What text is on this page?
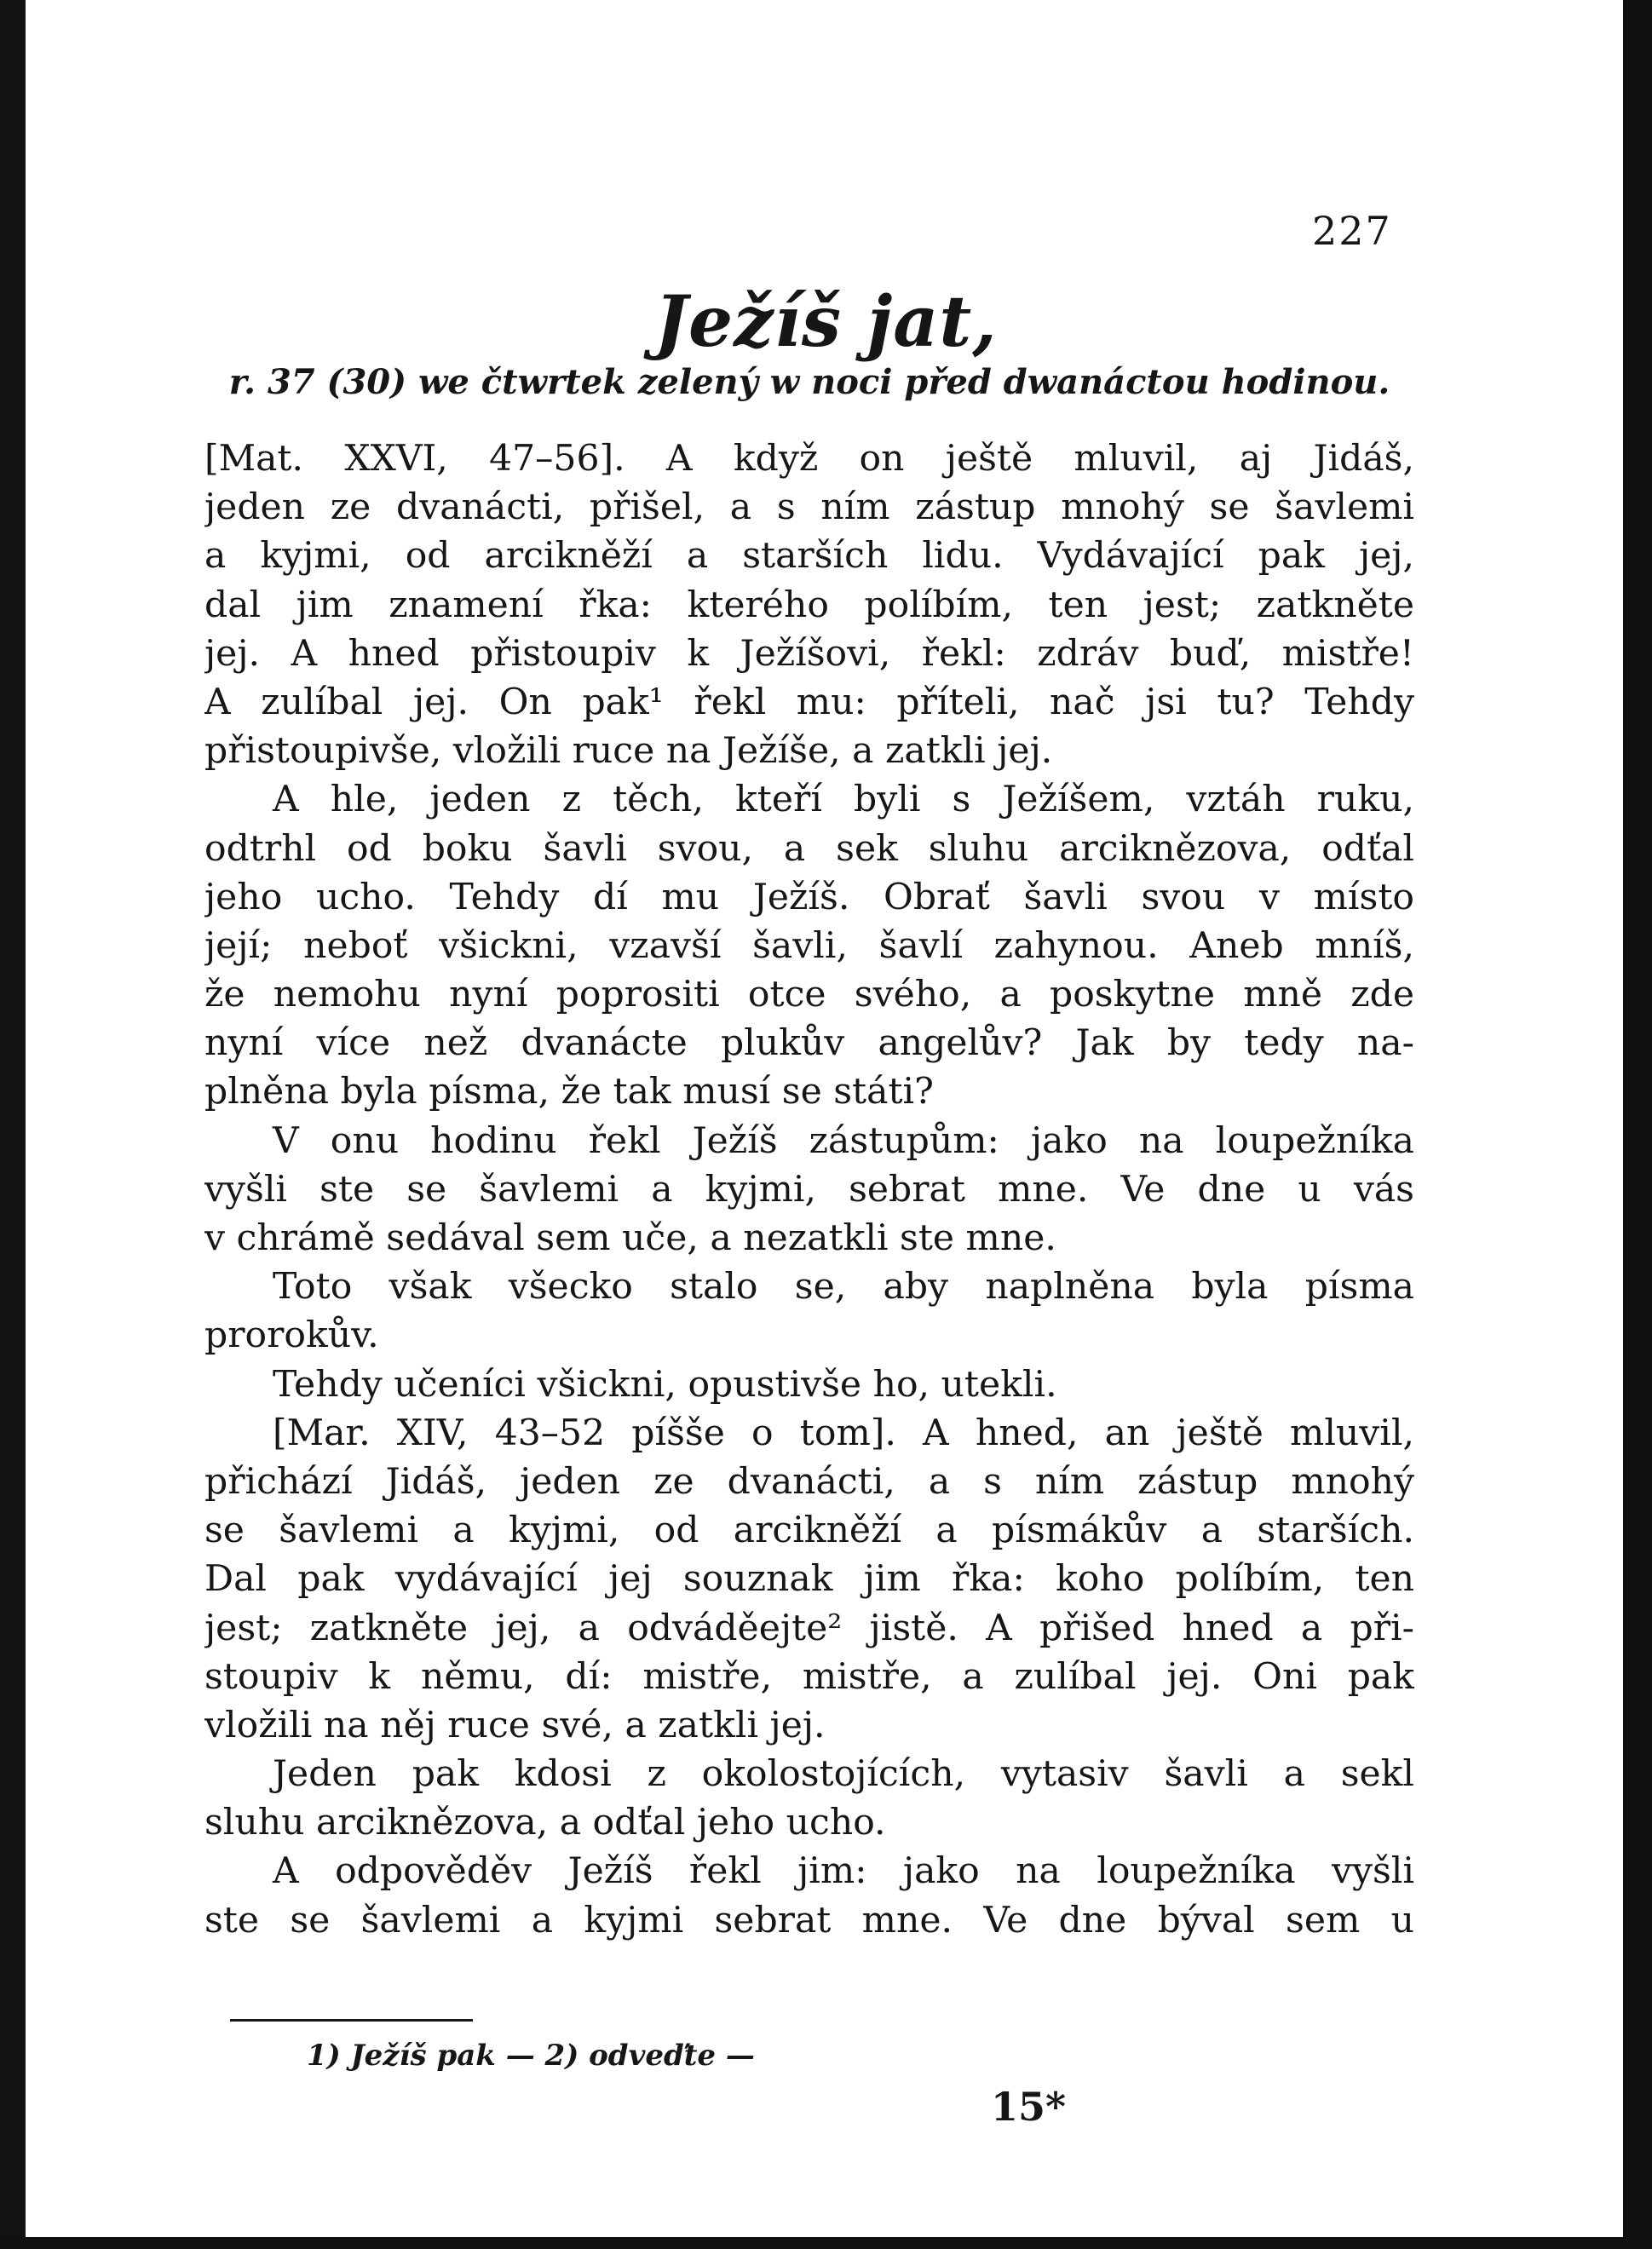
227
Ježíš jat,
r. 37 (30) we čtwrtek zelený w noci před dwanáctou hodinou.
[Mat. XXVI, 47–56]. A když on ještě mluvil, aj Jidáš,
jeden ze dvanácti, přišel, a s ním zástup mnohý se šavlemi
a kyjmi, od arcikněží a starších lidu. Vydávající pak jej,
dal jim znamení řka: kterého políbím, ten jest; zatkněte
jej. A hned přistoupiv k Ježíšovi, řekl: zdráv buď, mistře!
A zulíbal jej. On pak¹ řekl mu: příteli, nač jsi tu? Tehdy
přistoupivše, vložili ruce na Ježíše, a zatkli jej.
A hle, jeden z těch, kteří byli s Ježíšem, vztáh ruku,
odtrhl od boku šavli svou, a sek sluhu arciknězova, odťal
jeho ucho. Tehdy dí mu Ježíš. Obrať šavli svou v místo
její; neboť všickni, vzavší šavli, šavlí zahynou. Aneb mníš,
že nemohu nyní poprositi otce svého, a poskytne mně zde
nyní více než dvanácte plukův angelův? Jak by tedy na-
plněna byla písma, že tak musí se státi?
V onu hodinu řekl Ježíš zástupům: jako na loupežníka
vyšli ste se šavlemi a kyjmi, sebrat mne. Ve dne u vás
v chrámě sedával sem uče, a nezatkli ste mne.
Toto však všecko stalo se, aby naplněna byla písma
prorokův.
Tehdy učeníci všickni, opustivše ho, utekli.
[Mar. XIV, 43–52 píšše o tom]. A hned, an ještě mluvil,
přichází Jidáš, jeden ze dvanácti, a s ním zástup mnohý
se šavlemi a kyjmi, od arcikněží a písmákův a starších.
Dal pak vydávající jej souznak jim řka: koho políbím, ten
jest; zatkněte jej, a odváděejte² jistě. A přišed hned a při-
stoupiv k němu, dí: mistře, mistře, a zulíbal jej. Oni pak
vložili na něj ruce své, a zatkli jej.
Jeden pak kdosi z okolostojících, vytasiv šavli a sekl
sluhu arciknězova, a odťal jeho ucho.
A odpověděv Ježíš řekl jim: jako na loupežníka vyšli
ste se šavlemi a kyjmi sebrat mne. Ve dne býval sem u
1) Ježíš pak — 2) odveďte —
15*
